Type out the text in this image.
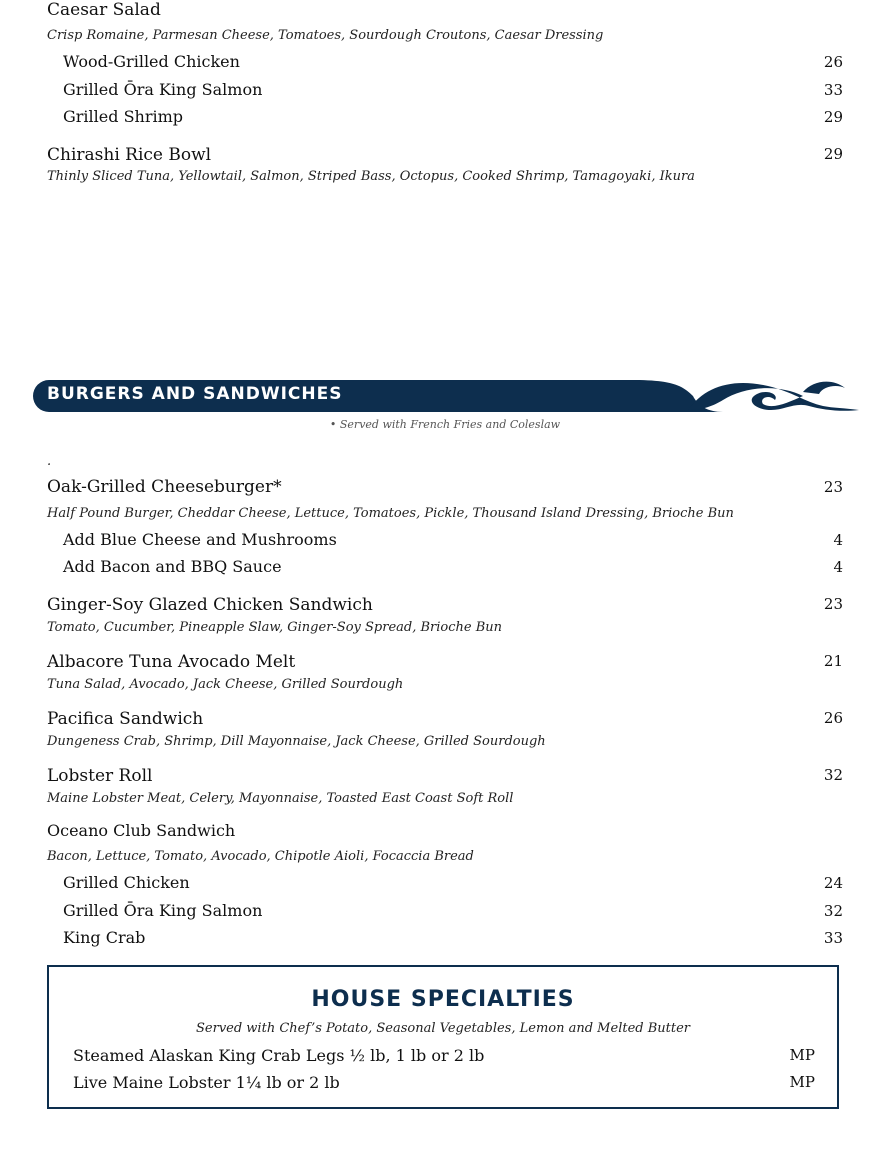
Caesar Salad
Crisp Romaine, Parmesan Cheese, Tomatoes, Sourdough Croutons, Caesar Dressing
Wood-Grilled Chicken	26
Grilled Ōra King Salmon	33
Grilled Shrimp	29
Chirashi Rice Bowl	29
Thinly Sliced Tuna, Yellowtail, Salmon, Striped Bass, Octopus, Cooked Shrimp, Tamagoyaki, Ikura
BURGERS AND SANDWICHES
• Served with French Fries and Coleslaw
.
Oak-Grilled Cheeseburger*	23
Half Pound Burger, Cheddar Cheese, Lettuce, Tomatoes, Pickle, Thousand Island Dressing, Brioche Bun
Add Blue Cheese and Mushrooms	4
Add Bacon and BBQ Sauce	4
Ginger-Soy Glazed Chicken Sandwich	23
Tomato, Cucumber, Pineapple Slaw, Ginger-Soy Spread, Brioche Bun
Albacore Tuna Avocado Melt	21
Tuna Salad, Avocado, Jack Cheese, Grilled Sourdough
Pacifica Sandwich	26
Dungeness Crab, Shrimp, Dill Mayonnaise, Jack Cheese, Grilled Sourdough
Lobster Roll	32
Maine Lobster Meat, Celery, Mayonnaise, Toasted East Coast Soft Roll
Oceano Club Sandwich
Bacon, Lettuce, Tomato, Avocado, Chipotle Aioli, Focaccia Bread
Grilled Chicken	24
Grilled Ōra King Salmon	32
King Crab	33
HOUSE SPECIALTIES
Served with Chef’s Potato, Seasonal Vegetables, Lemon and Melted Butter
Steamed Alaskan King Crab Legs ½ lb, 1 lb or 2 lb	MP
Live Maine Lobster 1¼ lb or 2 lb	MP
